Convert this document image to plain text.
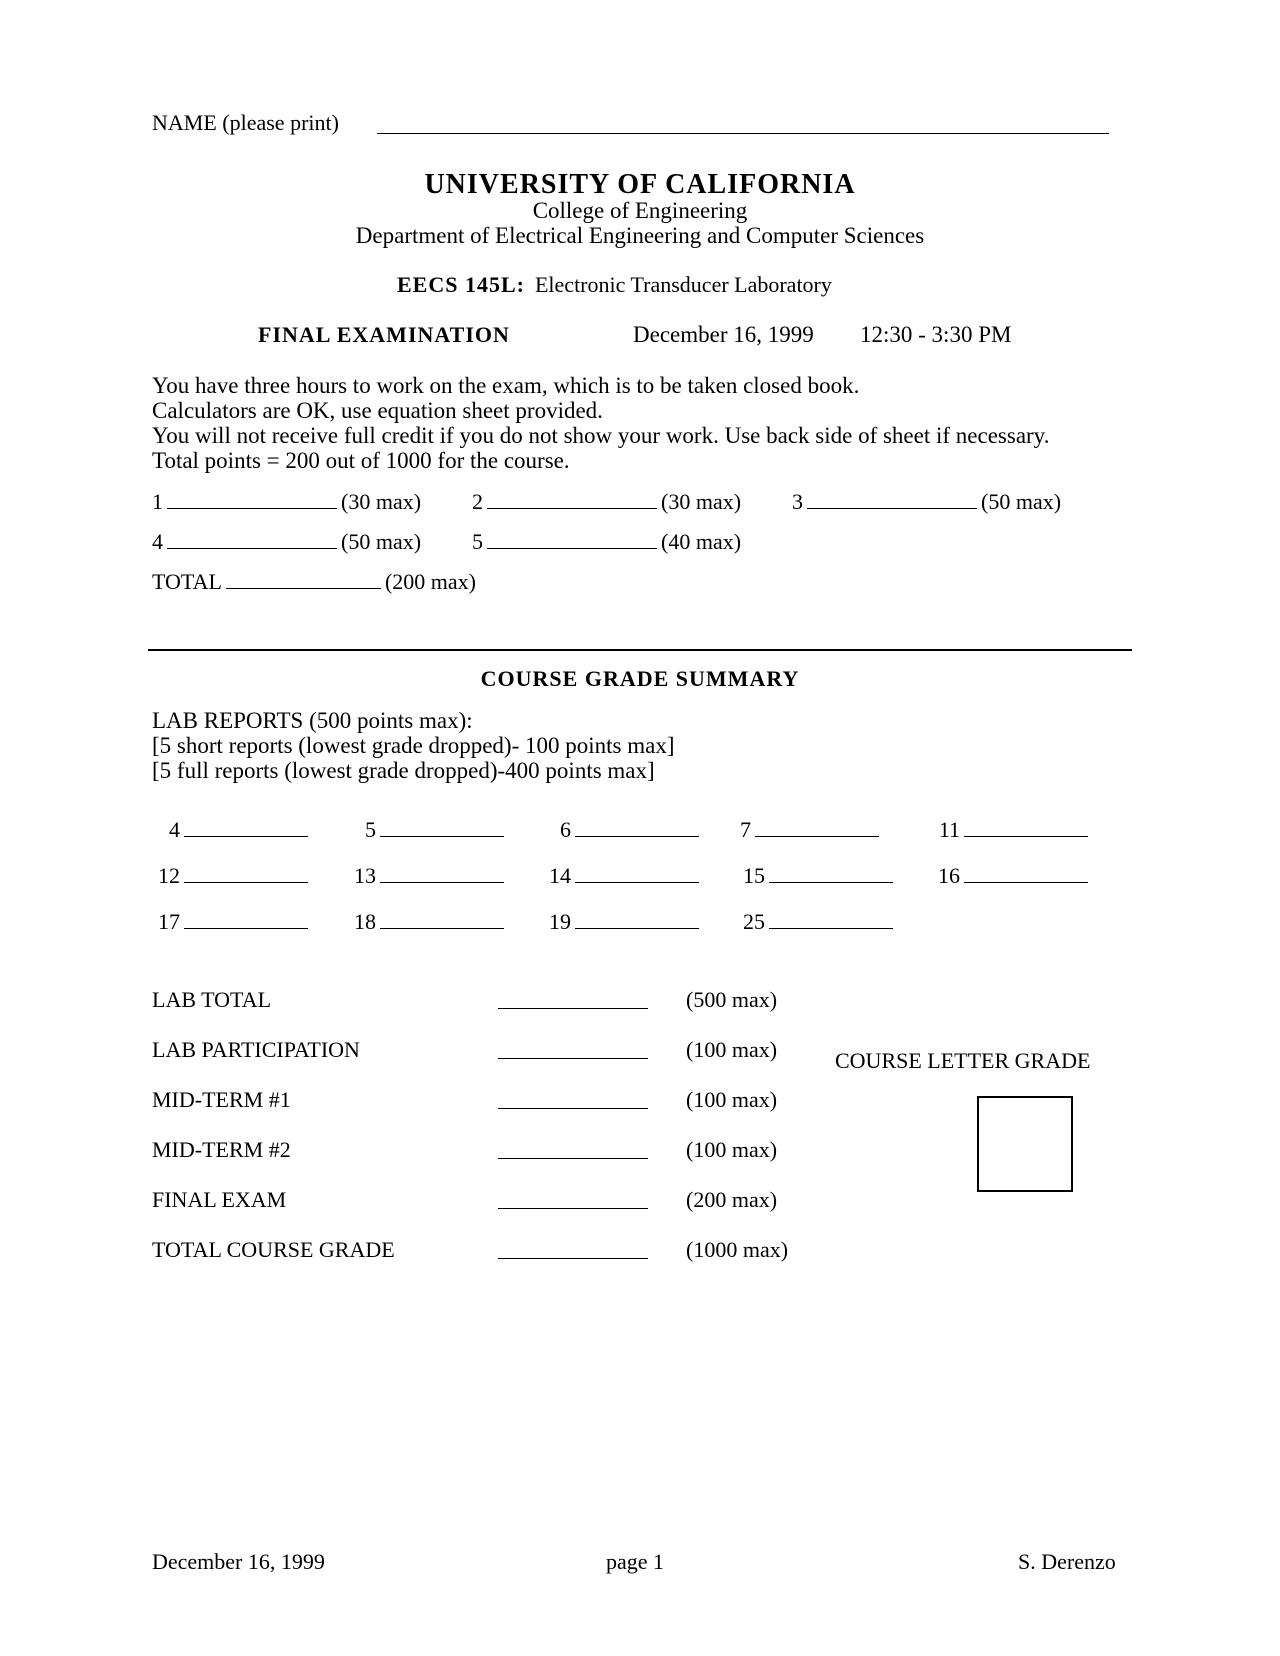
NAME (please print)
UNIVERSITY OF CALIFORNIA
College of Engineering
Department of Electrical Engineering and Computer Sciences
EECS 145L: Electronic Transducer Laboratory
FINAL EXAMINATION	December 16, 1999 12:30 - 3:30 PM
You have three hours to work on the exam, which is to be taken closed book.
Calculators are OK, use equation sheet provided.
You will not receive full credit if you do not show your work. Use back side of sheet if necessary.
Total points = 200 out of 1000 for the course.
1	(30 max) 2	(30 max) 3	(50 max)
4	(50 max) 5	(40 max)
TOTAL	(200 max)
COURSE GRADE SUMMARY
LAB REPORTS (500 points max):
[5 short reports (lowest grade dropped)- 100 points max]
[5 full reports (lowest grade dropped)-400 points max]
4	5	6	7	11
12	13	14	15	16
17	18	19	25
LAB TOTAL	(500 max)
LAB PARTICIPATION	(100 max)
MID-TERM #1	(100 max)
MID-TERM #2	(100 max)
FINAL EXAM	(200 max)
TOTAL COURSE GRADE	(1000 max)
COURSE LETTER GRADE
December 16, 1999	page 1	S. Derenzo
